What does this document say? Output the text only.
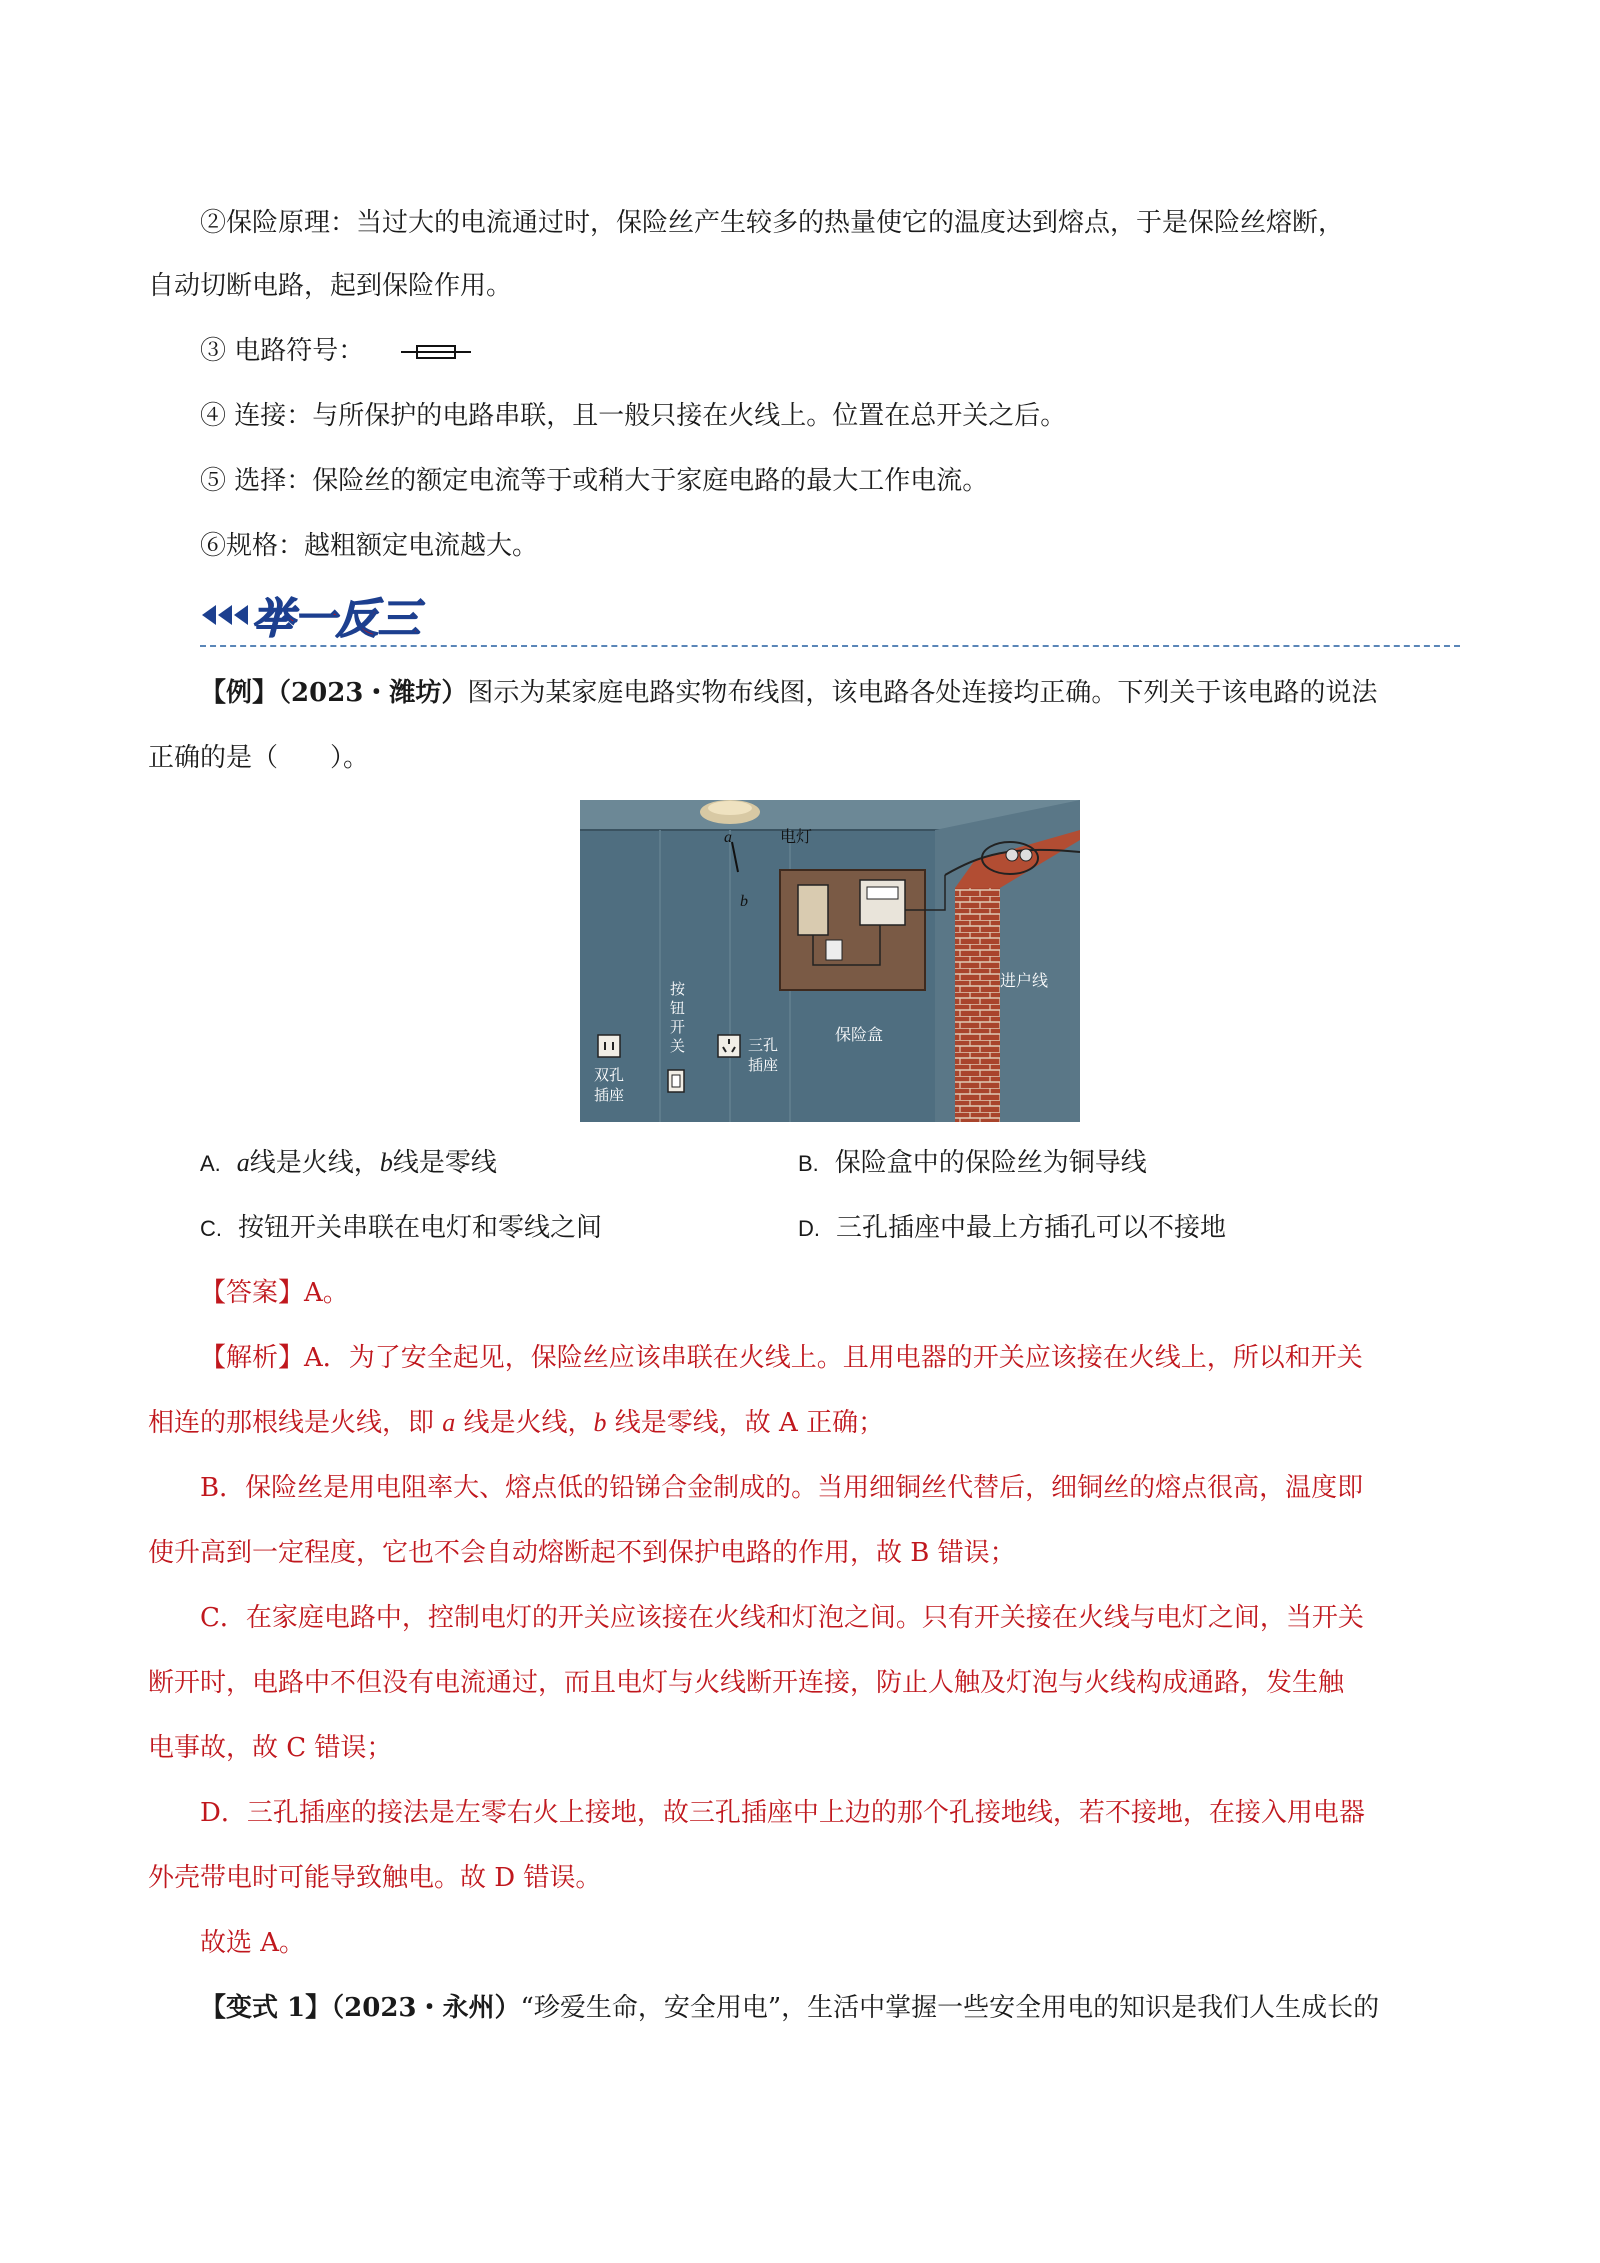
②保险原理：当过大的电流通过时，保险丝产生较多的热量使它的温度达到熔点，于是保险丝熔断，
自动切断电路，起到保险作用。
③ 电路符号：
④ 连接：与所保护的电路串联，且一般只接在火线上。位置在总开关之后。
⑤ 选择：保险丝的额定电流等于或稍大于家庭电路的最大工作电流。
⑥规格：越粗额定电流越大。
举一反三
【例】（2023・潍坊）图示为某家庭电路实物布线图，该电路各处连接均正确。下列关于该电路的说法
正确的是（　　）。
a
b
电灯
进户线
保险盒
双孔
插座
按
钮
开
关	三孔
插座
A. a线是火线，b线是零线	B. 保险盒中的保险丝为铜导线
C. 按钮开关串联在电灯和零线之间	D. 三孔插座中最上方插孔可以不接地
【答案】A。
【解析】A．为了安全起见，保险丝应该串联在火线上。且用电器的开关应该接在火线上，所以和开关
相连的那根线是火线，即 a 线是火线，b 线是零线，故 A 正确；
B．保险丝是用电阻率大、熔点低的铅锑合金制成的。当用细铜丝代替后，细铜丝的熔点很高，温度即
使升高到一定程度，它也不会自动熔断起不到保护电路的作用，故 B 错误；
C．在家庭电路中，控制电灯的开关应该接在火线和灯泡之间。只有开关接在火线与电灯之间，当开关
断开时，电路中不但没有电流通过，而且电灯与火线断开连接，防止人触及灯泡与火线构成通路，发生触
电事故，故 C 错误；
D．三孔插座的接法是左零右火上接地，故三孔插座中上边的那个孔接地线，若不接地，在接入用电器
外壳带电时可能导致触电。故 D 错误。
故选 A。
【变式 1】（2023・永州）“珍爱生命，安全用电”，生活中掌握一些安全用电的知识是我们人生成长的
